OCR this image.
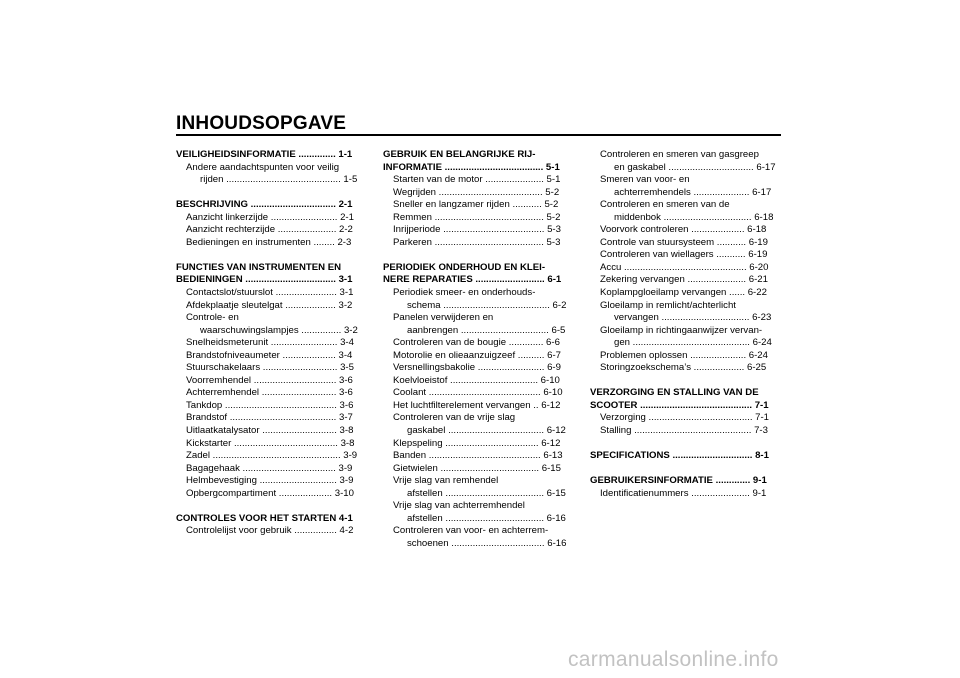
INHOUDSOPGAVE
VEILIGHEIDSINFORMATIE .............. 1-1
Andere aandachtspunten voor veilig
rijden ........................................... 1-5
BESCHRIJVING ................................ 2-1
Aanzicht linkerzijde ......................... 2-1
Aanzicht rechterzijde ...................... 2-2
Bedieningen en instrumenten ........ 2-3
FUNCTIES VAN INSTRUMENTEN EN
BEDIENINGEN .................................. 3-1
Contactslot/stuurslot ....................... 3-1
Afdekplaatje sleutelgat ................... 3-2
Controle- en
waarschuwingslampjes ............... 3-2
Snelheidsmeterunit ......................... 3-4
Brandstofniveaumeter .................... 3-4
Stuurschakelaars ............................ 3-5
Voorremhendel ............................... 3-6
Achterremhendel ............................ 3-6
Tankdop .......................................... 3-6
Brandstof ........................................ 3-7
Uitlaatkatalysator ............................ 3-8
Kickstarter ....................................... 3-8
Zadel ................................................ 3-9
Bagagehaak ................................... 3-9
Helmbevestiging ............................. 3-9
Opbergcompartiment .................... 3-10
CONTROLES VOOR HET STARTEN 4-1
Controlelijst voor gebruik ................ 4-2
GEBRUIK EN BELANGRIJKE RIJ-
INFORMATIE ..................................... 5-1
Starten van de motor ...................... 5-1
Wegrijden ....................................... 5-2
Sneller en langzamer rijden ........... 5-2
Remmen ......................................... 5-2
Inrijperiode ...................................... 5-3
Parkeren ......................................... 5-3
PERIODIEK ONDERHOUD EN KLEI-
NERE REPARATIES .......................... 6-1
Periodiek smeer- en onderhouds-
schema ........................................ 6-2
Panelen verwijderen en
aanbrengen ................................. 6-5
Controleren van de bougie ............. 6-6
Motorolie en olieaanzuigzeef .......... 6-7
Versnellingsbakolie ......................... 6-9
Koelvloeistof ................................. 6-10
Coolant .......................................... 6-10
Het luchtfilterelement vervangen .. 6-12
Controleren van de vrije slag
gaskabel .................................... 6-12
Klepspeling ................................... 6-12
Banden .......................................... 6-13
Gietwielen ..................................... 6-15
Vrije slag van remhendel
afstellen ..................................... 6-15
Vrije slag van achterremhendel
afstellen ..................................... 6-16
Controleren van voor- en achterrem-
schoenen ................................... 6-16
Controleren en smeren van gasgreep
en gaskabel ................................ 6-17
Smeren van voor- en
achterremhendels ..................... 6-17
Controleren en smeren van de
middenbok ................................. 6-18
Voorvork controleren .................... 6-18
Controle van stuursysteem ........... 6-19
Controleren van wiellagers ........... 6-19
Accu .............................................. 6-20
Zekering vervangen ...................... 6-21
Koplampgloeilamp vervangen ...... 6-22
Gloeilamp in remlicht/achterlicht
vervangen ................................. 6-23
Gloeilamp in richtingaanwijzer vervan-
gen ............................................ 6-24
Problemen oplossen ..................... 6-24
Storingzoekschema’s ................... 6-25
VERZORGING EN STALLING VAN DE
SCOOTER .......................................... 7-1
Verzorging ....................................... 7-1
Stalling ............................................ 7-3
SPECIFICATIONS .............................. 8-1
GEBRUIKERSINFORMATIE ............. 9-1
Identificatienummers ...................... 9-1
carmanualsonline.info
